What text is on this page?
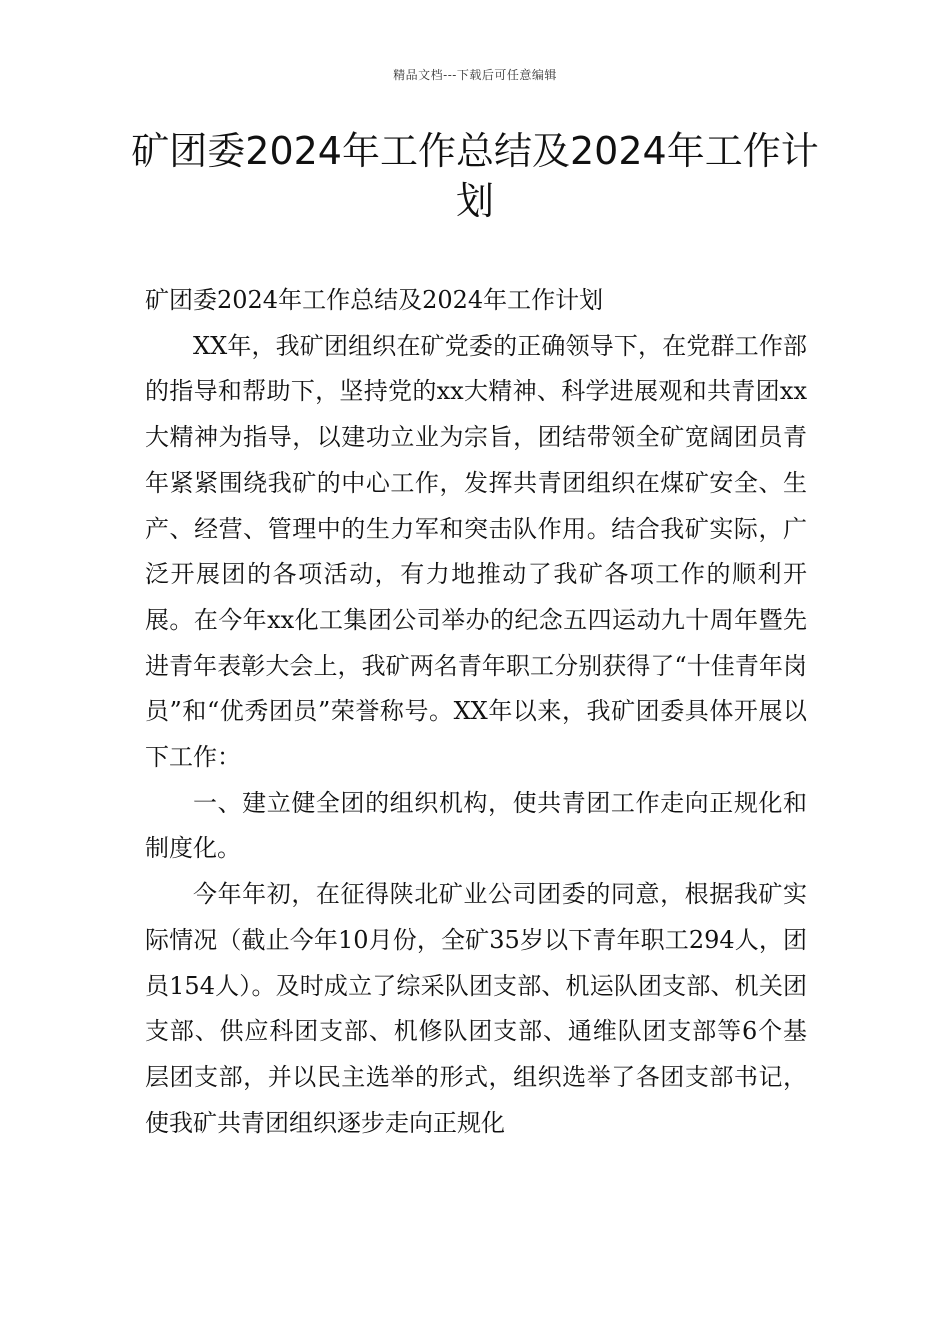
精品文档---下载后可任意编辑
矿团委2024年工作总结及2024年工作计划

矿团委2024年工作总结及2024年工作计划

XX年，我矿团组织在矿党委的正确领导下，在党群工作部的指导和帮助下，坚持党的xx大精神、科学进展观和共青团xx大精神为指导，以建功立业为宗旨，团结带领全矿宽阔团员青年紧紧围绕我矿的中心工作，发挥共青团组织在煤矿安全、生产、经营、管理中的生力军和突击队作用。结合我矿实际，广泛开展团的各项活动，有力地推动了我矿各项工作的顺利开展。在今年xx化工集团公司举办的纪念五四运动九十周年暨先进青年表彰大会上，我矿两名青年职工分别获得了“十佳青年岗员”和“优秀团员”荣誉称号。XX年以来，我矿团委具体开展以下工作：

一、建立健全团的组织机构，使共青团工作走向正规化和制度化。

今年年初，在征得陕北矿业公司团委的同意，根据我矿实际情况（截止今年10月份，全矿35岁以下青年职工294人，团员154人）。及时成立了综采队团支部、机运队团支部、机关团支部、供应科团支部、机修队团支部、通维队团支部等6个基层团支部，并以民主选举的形式，组织选举了各团支部书记，使我矿共青团组织逐步走向正规化
